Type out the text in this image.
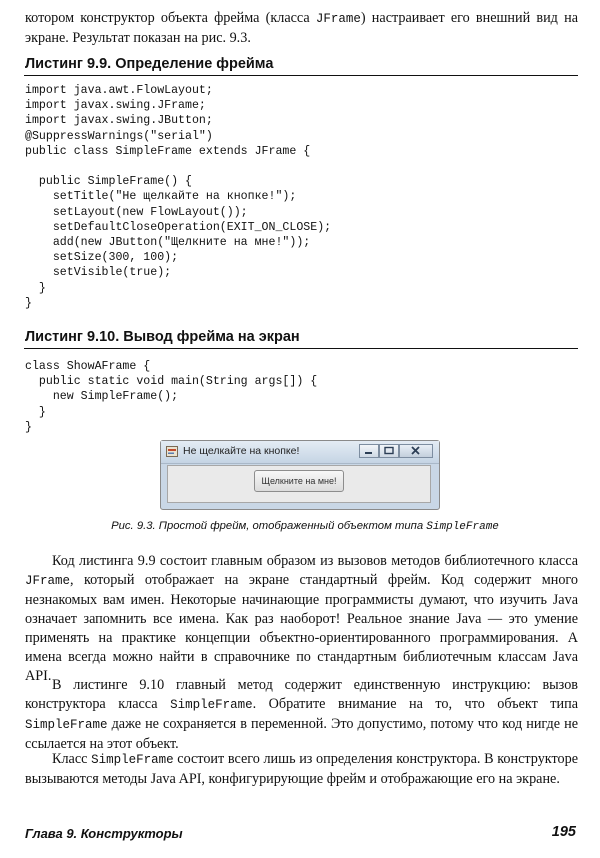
котором конструктор объекта фрейма (класса JFrame) настраивает его внешний вид на экране. Результат показан на рис. 9.3.
Листинг 9.9. Определение фрейма
import java.awt.FlowLayout;
import javax.swing.JFrame;
import javax.swing.JButton;
@SuppressWarnings("serial")
public class SimpleFrame extends JFrame {

public SimpleFrame() {
setTitle("Не щелкайте на кнопке!");
setLayout(new FlowLayout());
setDefaultCloseOperation(EXIT_ON_CLOSE);
add(new JButton("Щелкните на мне!"));
setSize(300, 100);
setVisible(true);
}
}
Листинг 9.10. Вывод фрейма на экран
class ShowAFrame {
public static void main(String args[]) {
new SimpleFrame();
}
}
Не щелкайте на кнопке!
Щелкните на мне!
Рис. 9.3. Простой фрейм, отображенный объектом типа SimpleFrame
Код листинга 9.9 состоит главным образом из вызовов методов библиотечного класса JFrame, который отображает на экране стандартный фрейм. Код содержит много незнакомых вам имен. Некоторые начинающие программисты думают, что изучить Java означает запомнить все имена. Как раз наоборот! Реальное знание Java — это умение применять на практике концепции объектно-ориентированного программирования. А имена всегда можно найти в справочнике по стандартным библиотечным классам Java API.
В листинге 9.10 главный метод содержит единственную инструкцию: вызов конструктора класса SimpleFrame. Обратите внимание на то, что объект типа SimpleFrame даже не сохраняется в переменной. Это допустимо, потому что код нигде не ссылается на этот объект.
Класс SimpleFrame состоит всего лишь из определения конструктора. В конструкторе вызываются методы Java API, конфигурирующие фрейм и отображающие его на экране.
Глава 9. Конструкторы	195
